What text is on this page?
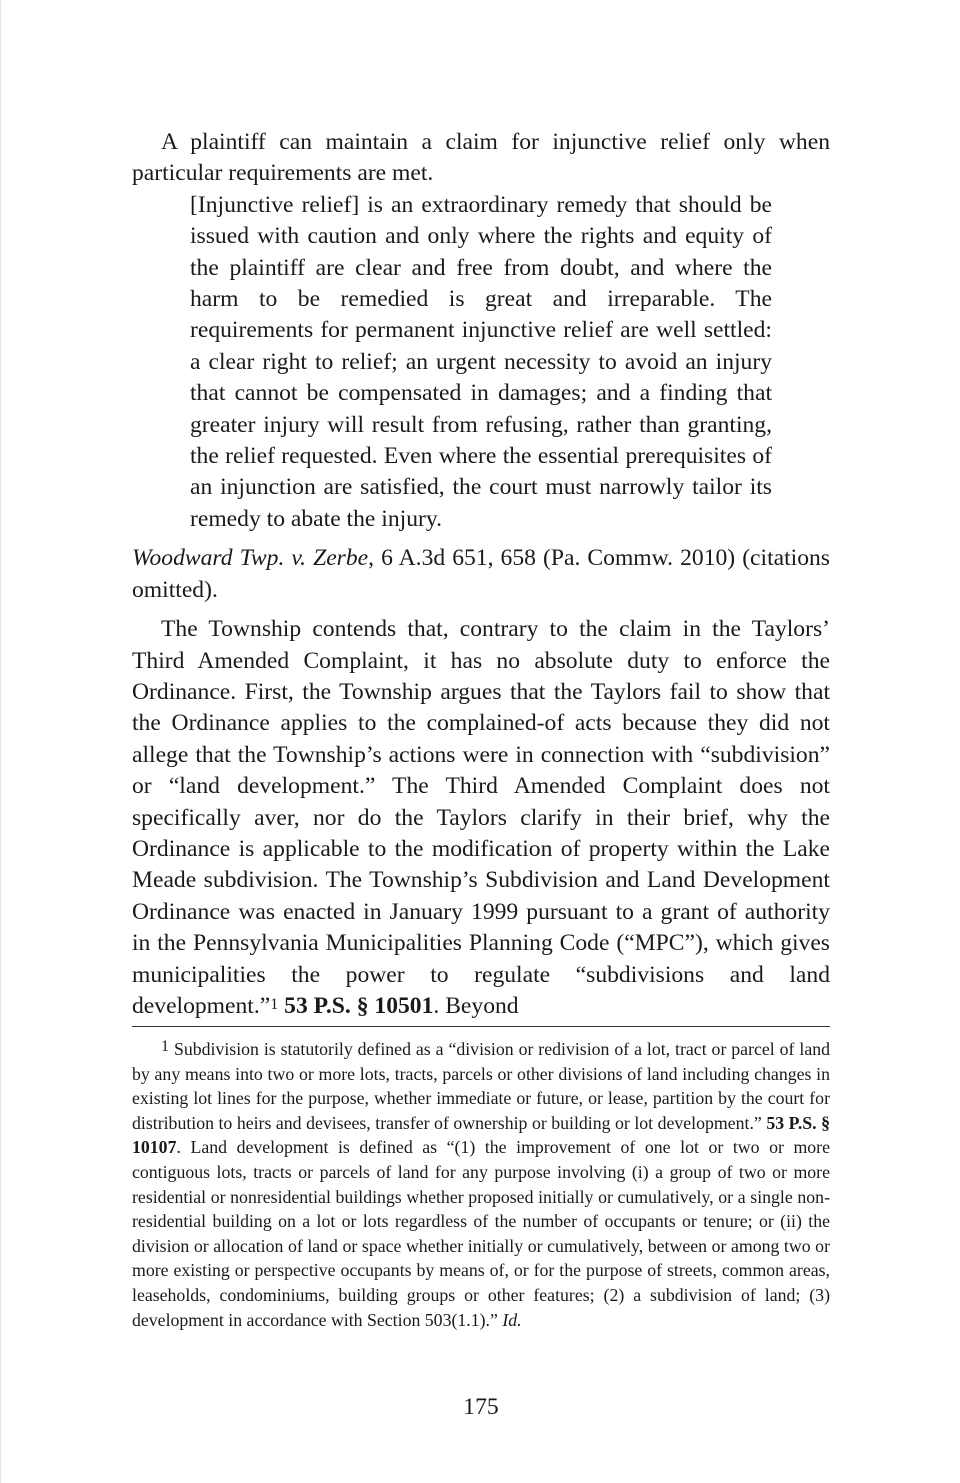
A plaintiff can maintain a claim for injunctive relief only when particular requirements are met.

[Injunctive relief] is an extraordinary remedy that should be issued with caution and only where the rights and equity of the plaintiff are clear and free from doubt, and where the harm to be remedied is great and irreparable. The requirements for permanent injunctive relief are well settled: a clear right to relief; an urgent necessity to avoid an injury that cannot be compensated in damages; and a finding that greater injury will result from refusing, rather than granting, the relief requested. Even where the essential prerequisites of an injunction are satisfied, the court must narrowly tailor its remedy to abate the injury.

Woodward Twp. v. Zerbe, 6 A.3d 651, 658 (Pa. Commw. 2010) (citations omitted).

The Township contends that, contrary to the claim in the Taylors’ Third Amended Complaint, it has no absolute duty to enforce the Ordinance. First, the Township argues that the Taylors fail to show that the Ordinance applies to the complained-of acts because they did not allege that the Township’s actions were in connection with “subdivision” or “land development.” The Third Amended Complaint does not specifically aver, nor do the Taylors clarify in their brief, why the Ordinance is applicable to the modification of property within the Lake Meade subdivision. The Township’s Subdivision and Land Development Ordinance was enacted in January 1999 pursuant to a grant of authority in the Pennsylvania Municipalities Planning Code (“MPC”), which gives municipalities the power to regulate “subdivisions and land development.”$^1$ 53 P.S. § 10501. Beyond

1 Subdivision is statutorily defined as a “division or redivision of a lot, tract or parcel of land by any means into two or more lots, tracts, parcels or other divisions of land including changes in existing lot lines for the purpose, whether immediate or future, or lease, partition by the court for distribution to heirs and devisees, transfer of ownership or building or lot development.” 53 P.S. § 10107. Land development is defined as “(1) the improvement of one lot or two or more contiguous lots, tracts or parcels of land for any purpose involving (i) a group of two or more residential or nonresidential buildings whether proposed initially or cumulatively, or a single non-residential building on a lot or lots regardless of the number of occupants or tenure; or (ii) the division or allocation of land or space whether initially or cumulatively, between or among two or more existing or perspective occupants by means of, or for the purpose of streets, common areas, leaseholds, condominiums, building groups or other features; (2) a subdivision of land; (3) development in accordance with Section 503(1.1).” Id.

175
